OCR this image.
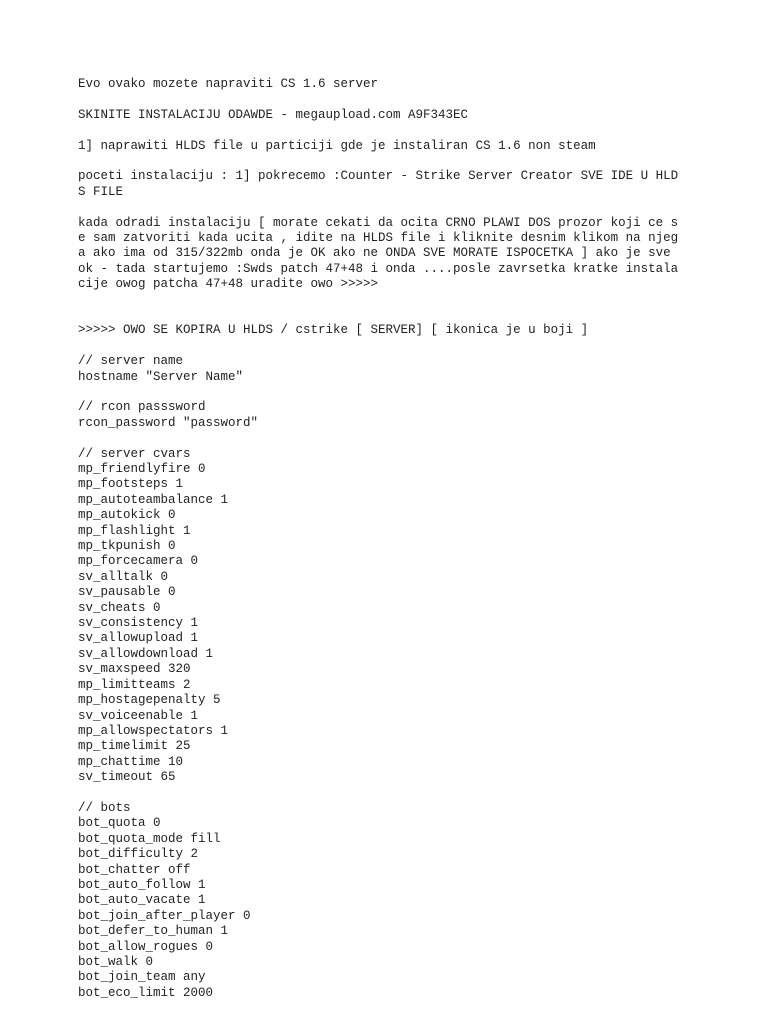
Evo ovako mozete napraviti CS 1.6 server

SKINITE INSTALACIJU ODAWDE - megaupload.com A9F343EC

1] naprawiti HLDS file u particiji gde je instaliran CS 1.6 non steam

poceti instalaciju : 1] pokrecemo :Counter - Strike Server Creator SVE IDE U HLD
S FILE
kada odradi instalaciju [ morate cekati da ocita CRNO PLAWI DOS prozor koji ce s
e sam zatvoriti kada ucita , idite na HLDS file i kliknite desnim klikom na njeg
a ako ima od 315/322mb onda je OK ako ne ONDA SVE MORATE ISPOCETKA ] ako je sve
ok - tada startujemo :Swds patch 47+48 i onda ....posle zavrsetka kratke instala
cije owog patcha 47+48 uradite owo >>>>>

>>>>> OWO SE KOPIRA U HLDS / cstrike [ SERVER] [ ikonica je u boji ]

// server name
hostname "Server Name"
// rcon passsword
rcon_password "password"
// server cvars
mp_friendlyfire 0
mp_footsteps 1
mp_autoteambalance 1
mp_autokick 0
mp_flashlight 1
mp_tkpunish 0
mp_forcecamera 0
sv_alltalk 0
sv_pausable 0
sv_cheats 0
sv_consistency 1
sv_allowupload 1
sv_allowdownload 1
sv_maxspeed 320
mp_limitteams 2
mp_hostagepenalty 5
sv_voiceenable 1
mp_allowspectators 1
mp_timelimit 25
mp_chattime 10
sv_timeout 65
// bots
bot_quota 0
bot_quota_mode fill
bot_difficulty 2
bot_chatter off
bot_auto_follow 1
bot_auto_vacate 1
bot_join_after_player 0
bot_defer_to_human 1
bot_allow_rogues 0
bot_walk 0
bot_join_team any
bot_eco_limit 2000
